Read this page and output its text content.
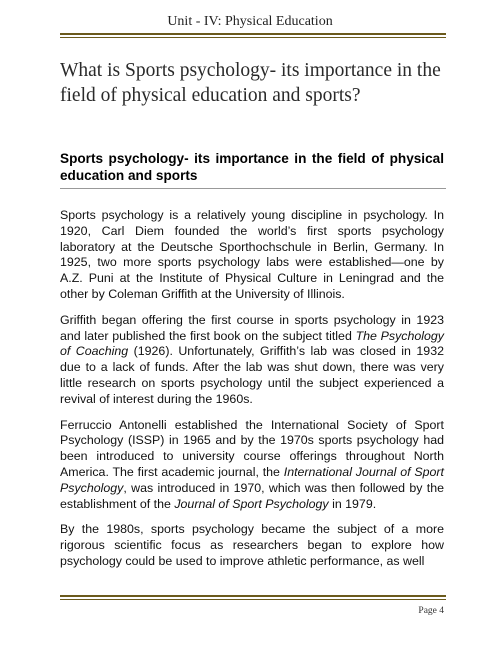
Unit - IV: Physical Education
What is Sports psychology- its importance in the field of physical education and sports?
Sports psychology- its importance in the field of physical education and sports

Sports psychology is a relatively young discipline in psychology. In 1920, Carl Diem founded the world’s first sports psychology laboratory at the Deutsche Sporthochschule in Berlin, Germany. In 1925, two more sports psychology labs were established—one by A.Z. Puni at the Institute of Physical Culture in Leningrad and the other by Coleman Griffith at the University of Illinois.

Griffith began offering the first course in sports psychology in 1923 and later published the first book on the subject titled The Psychology of Coaching (1926). Unfortunately, Griffith’s lab was closed in 1932 due to a lack of funds. After the lab was shut down, there was very little research on sports psychology until the subject experienced a revival of interest during the 1960s.

Ferruccio Antonelli established the International Society of Sport Psychology (ISSP) in 1965 and by the 1970s sports psychology had been introduced to university course offerings throughout North America. The first academic journal, the International Journal of Sport Psychology, was introduced in 1970, which was then followed by the establishment of the Journal of Sport Psychology in 1979.

By the 1980s, sports psychology became the subject of a more rigorous scientific focus as researchers began to explore how psychology could be used to improve athletic performance, as well

Page 4
